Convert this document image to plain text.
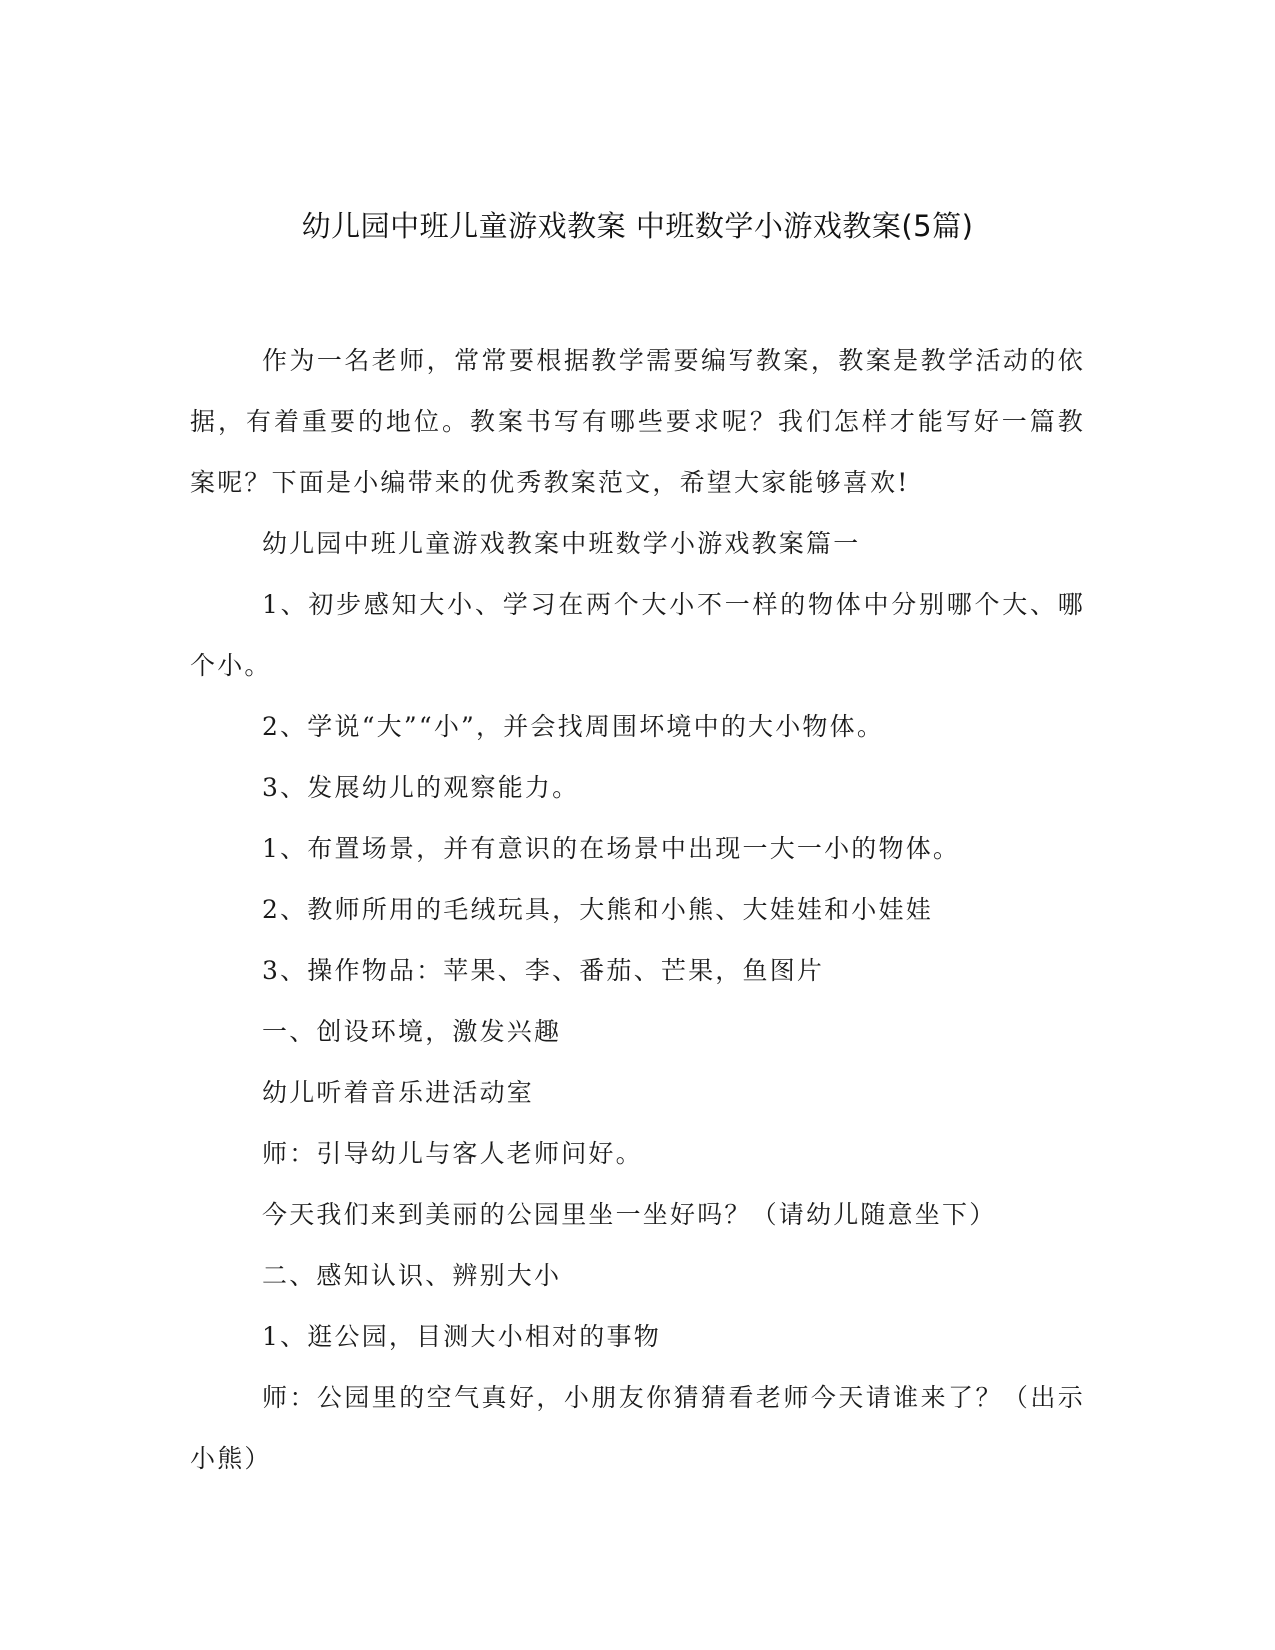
幼儿园中班儿童游戏教案 中班数学小游戏教案(5篇)

作为一名老师，常常要根据教学需要编写教案，教案是教学活动的依据，有着重要的地位。教案书写有哪些要求呢？我们怎样才能写好一篇教案呢？下面是小编带来的优秀教案范文，希望大家能够喜欢!

幼儿园中班儿童游戏教案中班数学小游戏教案篇一

1、初步感知大小、学习在两个大小不一样的物体中分别哪个大、哪个小。

2、学说“大”“小”，并会找周围坏境中的大小物体。

3、发展幼儿的观察能力。

1、布置场景，并有意识的在场景中出现一大一小的物体。

2、教师所用的毛绒玩具，大熊和小熊、大娃娃和小娃娃

3、操作物品：苹果、李、番茄、芒果，鱼图片

一、创设环境，激发兴趣

幼儿听着音乐进活动室

师：引导幼儿与客人老师问好。

今天我们来到美丽的公园里坐一坐好吗？（请幼儿随意坐下）

二、感知认识、辨别大小

1、逛公园，目测大小相对的事物

师：公园里的空气真好，小朋友你猜猜看老师今天请谁来了？（出示小熊）
